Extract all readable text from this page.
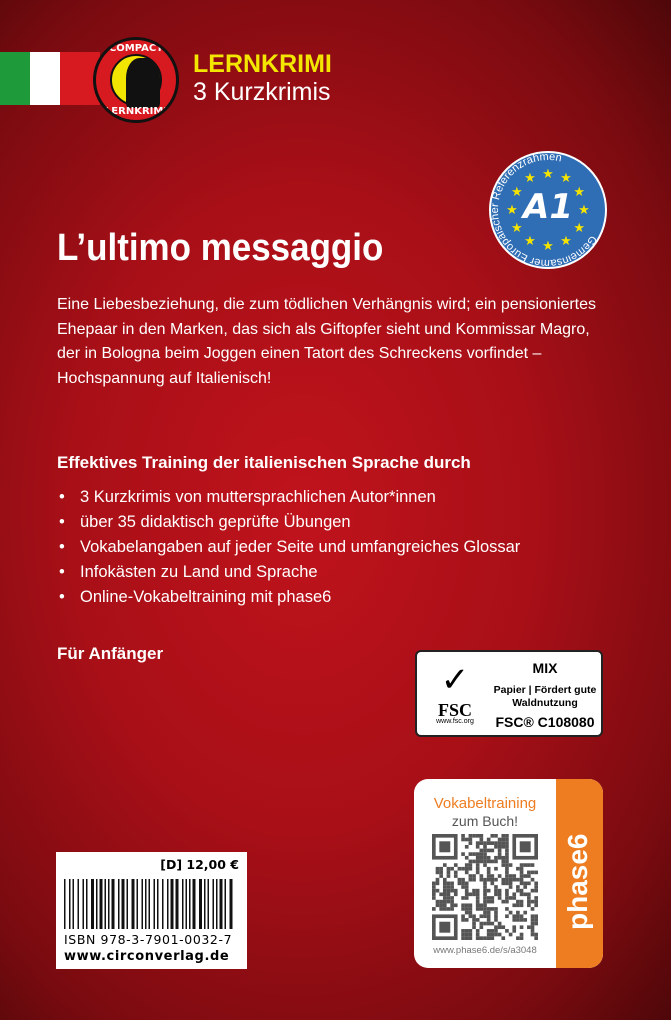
COMPACT
LERNKRIMI
LERNKRIMI
3 Kurzkrimis
Gemeinsamer Europäischer Referenzrahmen
A1
★ ★
★
★
★
★
★
★
★
★
★
★
L’ultimo messaggio
Eine Liebesbeziehung, die zum tödlichen Verhängnis wird; ein pensioniertes Ehepaar in den Marken, das sich als Giftopfer sieht und Kommissar Magro, der in Bologna beim Joggen einen Tatort des Schreckens vorfindet – Hochspannung auf Italienisch!
Effektives Training der italienischen Sprache durch
• 3 Kurzkrimis von muttersprachlichen Autor*innen
• über 35 didaktisch geprüfte Übungen
• Vokabelangaben auf jeder Seite und umfangreiches Glossar
• Infokästen zu Land und Sprache
• Online-Vokabeltraining mit phase6
Für Anfänger
✓
FSC
www.fsc.org
MIX
Papier | Fördert gute Waldnutzung
FSC® C108080
phase6
Vokabeltraining
zum Buch!
www.phase6.de/s/a3048
[D] 12,00 €
ISBN 978-3-7901-0032-7
www.circonverlag.de
